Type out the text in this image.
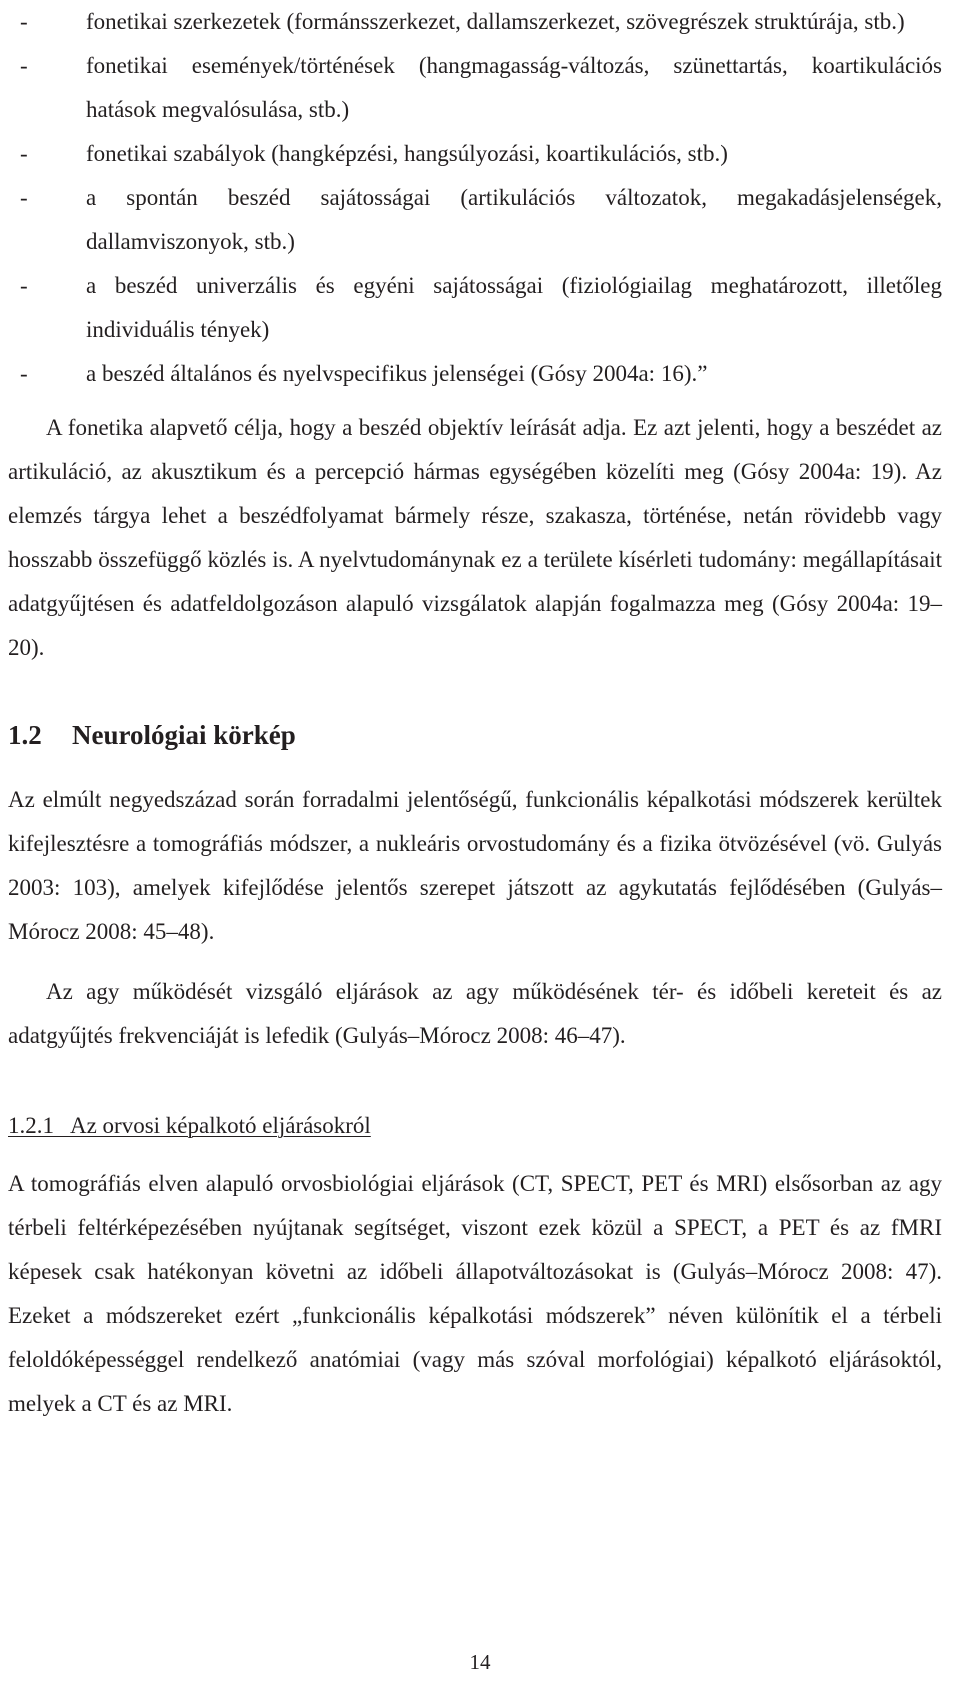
-	fonetikai szerkezetek (formánsszerkezet, dallamszerkezet, szövegrészek struktúrája, stb.)
-	fonetikai események/történések (hangmagasság-változás, szünettartás, koartikulációs hatások megvalósulása, stb.)
-	fonetikai szabályok (hangképzési, hangsúlyozási, koartikulációs, stb.)
-	a spontán beszéd sajátosságai (artikulációs változatok, megakadásjelenségek, dallamviszonyok, stb.)
-	a beszéd univerzális és egyéni sajátosságai (fiziológiailag meghatározott, illetőleg individuális tények)
-	a beszéd általános és nyelvspecifikus jelenségei (Gósy 2004a: 16).”

A fonetika alapvető célja, hogy a beszéd objektív leírását adja. Ez azt jelenti, hogy a beszédet az artikuláció, az akusztikum és a percepció hármas egységében közelíti meg (Gósy 2004a: 19). Az elemzés tárgya lehet a beszédfolyamat bármely része, szakasza, történése, netán rövidebb vagy hosszabb összefüggő közlés is. A nyelvtudománynak ez a területe kísérleti tudomány: megállapításait adatgyűjtésen és adatfeldolgozáson alapuló vizsgálatok alapján fogalmazza meg (Gósy 2004a: 19–20).

1.2 Neurológiai körkép

Az elmúlt negyedszázad során forradalmi jelentőségű, funkcionális képalkotási módszerek kerültek kifejlesztésre a tomográfiás módszer, a nukleáris orvostudomány és a fizika ötvözésével (vö. Gulyás 2003: 103), amelyek kifejlődése jelentős szerepet játszott az agykutatás fejlődésében (Gulyás–Mórocz 2008: 45–48).

Az agy működését vizsgáló eljárások az agy működésének tér- és időbeli kereteit és az adatgyűjtés frekvenciáját is lefedik (Gulyás–Mórocz 2008: 46–47).

1.2.1   Az orvosi képalkotó eljárásokról

A tomográfiás elven alapuló orvosbiológiai eljárások (CT, SPECT, PET és MRI) elsősorban az agy térbeli feltérképezésében nyújtanak segítséget, viszont ezek közül a SPECT, a PET és az fMRI képesek csak hatékonyan követni az időbeli állapotváltozásokat is (Gulyás–Mórocz 2008: 47). Ezeket a módszereket ezért „funkcionális képalkotási módszerek” néven különítik el a térbeli feloldóképességgel rendelkező anatómiai (vagy más szóval morfológiai) képalkotó eljárásoktól, melyek a CT és az MRI.

14
